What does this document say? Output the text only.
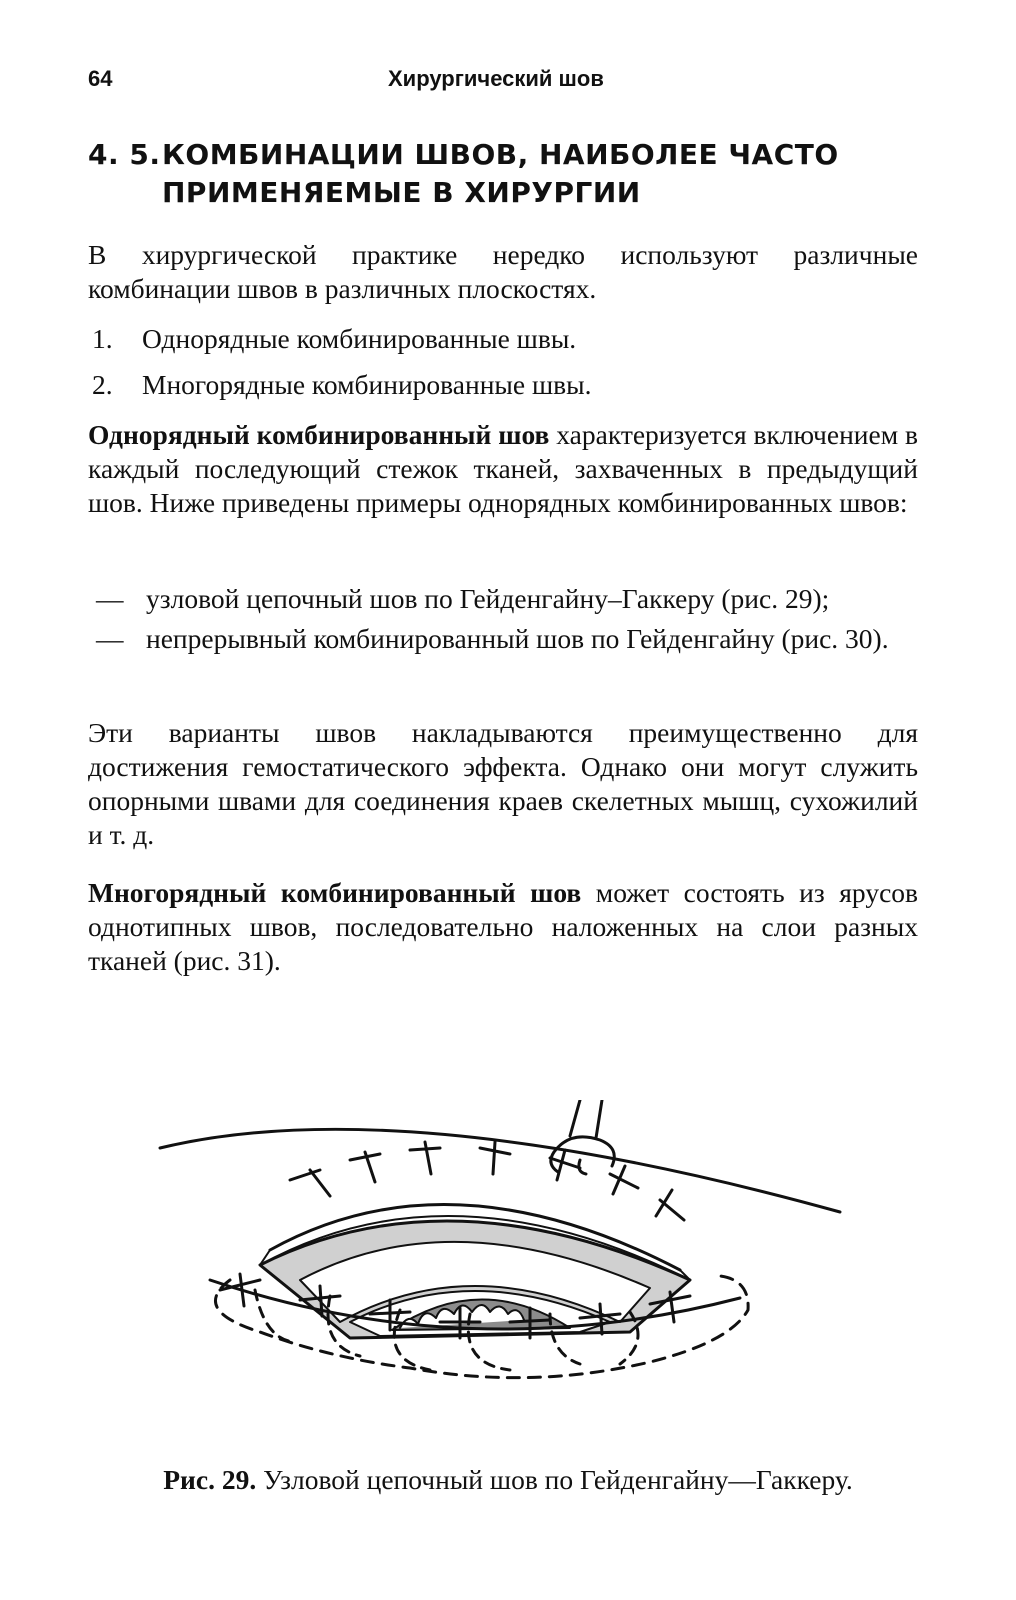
64	Хирургический шов
4. 5.КОМБИНАЦИИ ШВОВ, НАИБОЛЕЕ ЧАСТО
ПРИМЕНЯЕМЫЕ В ХИРУРГИИ
В хирургической практике нередко используют различные комбинации швов в различных плоскостях.
1.	Однорядные комбинированные швы.
2.	Многорядные комбинированные швы.
Однорядный комбинированный шов характеризуется включением в каждый последующий стежок тканей, захваченных в предыдущий шов. Ниже приведены примеры однорядных комбинированных швов:
— узловой цепочный шов по Гейденгайну–Гаккеру (рис. 29);
— непрерывный комбинированный шов по Гейденгайну (рис. 30).
Эти варианты швов накладываются преимущественно для достижения гемостатического эффекта. Однако они могут служить опорными швами для соединения краев скелетных мышц, сухожилий и т. д.
Многорядный комбинированный шов может состоять из ярусов однотипных швов, последовательно наложенных на слои разных тканей (рис. 31).
Рис. 29. Узловой цепочный шов по Гейденгайну—Гаккеру.
